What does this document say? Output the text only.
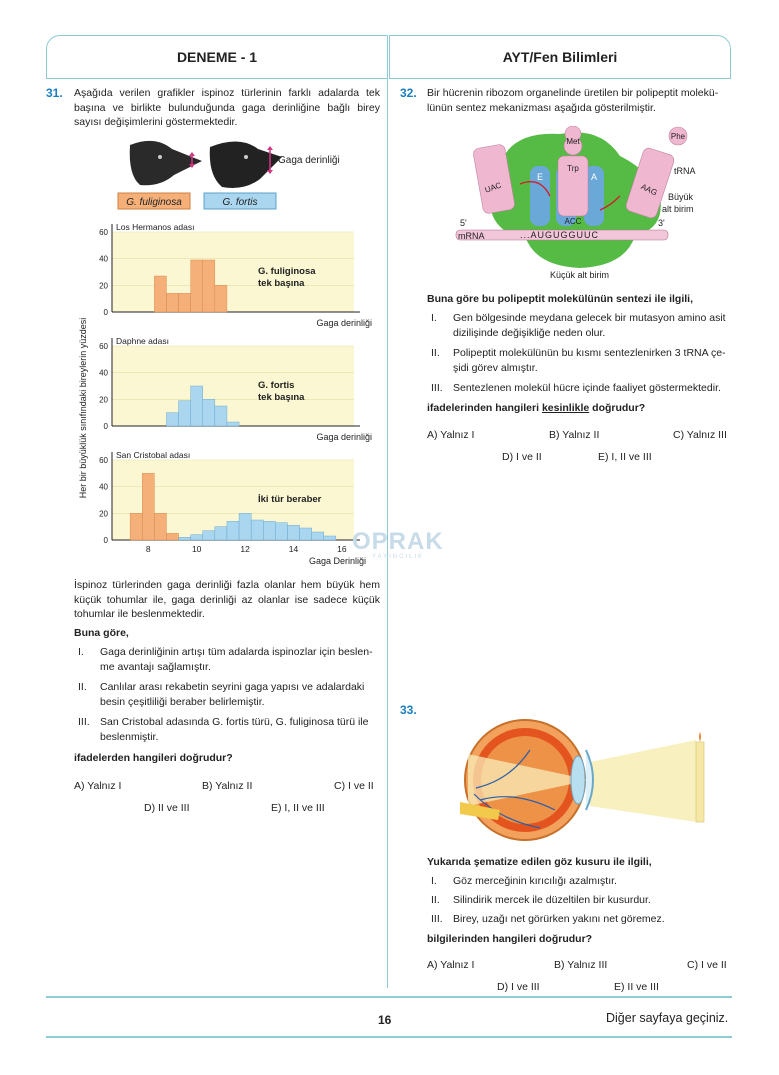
DENEME - 1	AYT/Fen Bilimleri
31. Aşağıda verilen grafikler ispinoz türlerinin farklı adalarda tek
başına ve birlikte bulunduğunda gaga derinliğine bağlı birey
sayısı değişimlerini göstermektedir.
Gaga derinliği
G. fuliginosa	G. fortis
Her bir büyüklük sınıfındaki bireylerin yüzdesi
0
20
40
60
Los Hermanos adası
G. fuliginosa
tek başına
Gaga derinliği
0
20
40
60
Daphne adası
G. fortis
tek başına
Gaga derinliği
0
20
40
60
San Cristobal adası
İki tür beraber
8	10	12	14	16
Gaga Derinliği
OPRAK
YAYINCILIK
İspinoz türlerinden gaga derinliği fazla olanlar hem büyük hem
küçük tohumlar ile, gaga derinliği az olanlar ise sadece küçük
tohumlar ile beslenmektedir.
Buna göre,
I. Gaga derinliğinin artışı tüm adalarda ispinozlar için beslen-
me avantajı sağlamıştır.
II. Canlılar arası rekabetin seyrini gaga yapısı ve adalardaki
besin çeşitliliği beraber belirlemiştir.
III. San Cristobal adasında G. fortis türü, G. fuliginosa türü ile
beslenmiştir.
ifadelerden hangileri doğrudur?
A) Yalnız I	B) Yalnız II	C) I ve II
D) II ve III	E) I, II ve III
32. Bir hücrenin ribozom organelinde üretilen bir polipeptit molekü-
lünün sentez mekanizması aşağıda gösterilmiştir.
5'	3'
mRNA	...AUGUGGUUC
E	A
ACC
Trp
Met
UAC	AAG
Phe
tRNA
Büyük
alt birim
Küçük alt birim
Buna göre bu polipeptit molekülünün sentezi ile ilgili,
I. Gen bölgesinde meydana gelecek bir mutasyon amino asit
dizilişinde değişikliğe neden olur.
II. Polipeptit molekülünün bu kısmı sentezlenirken 3 tRNA çe-
şidi görev almıştır.
III. Sentezlenen molekül hücre içinde faaliyet göstermektedir.
ifadelerinden hangileri kesinlikle doğrudur?
A) Yalnız I	B) Yalnız II	C) Yalnız III
D) I ve II	E) I, II ve III
33.
Yukarıda şematize edilen göz kusuru ile ilgili,
I. Göz merceğinin kırıcılığı azalmıştır.
II. Silindirik mercek ile düzeltilen bir kusurdur.
III. Birey, uzağı net görürken yakını net göremez.
bilgilerinden hangileri doğrudur?
A) Yalnız I	B) Yalnız III	C) I ve II
D) I ve III	E) II ve III
16	Diğer sayfaya geçiniz.
